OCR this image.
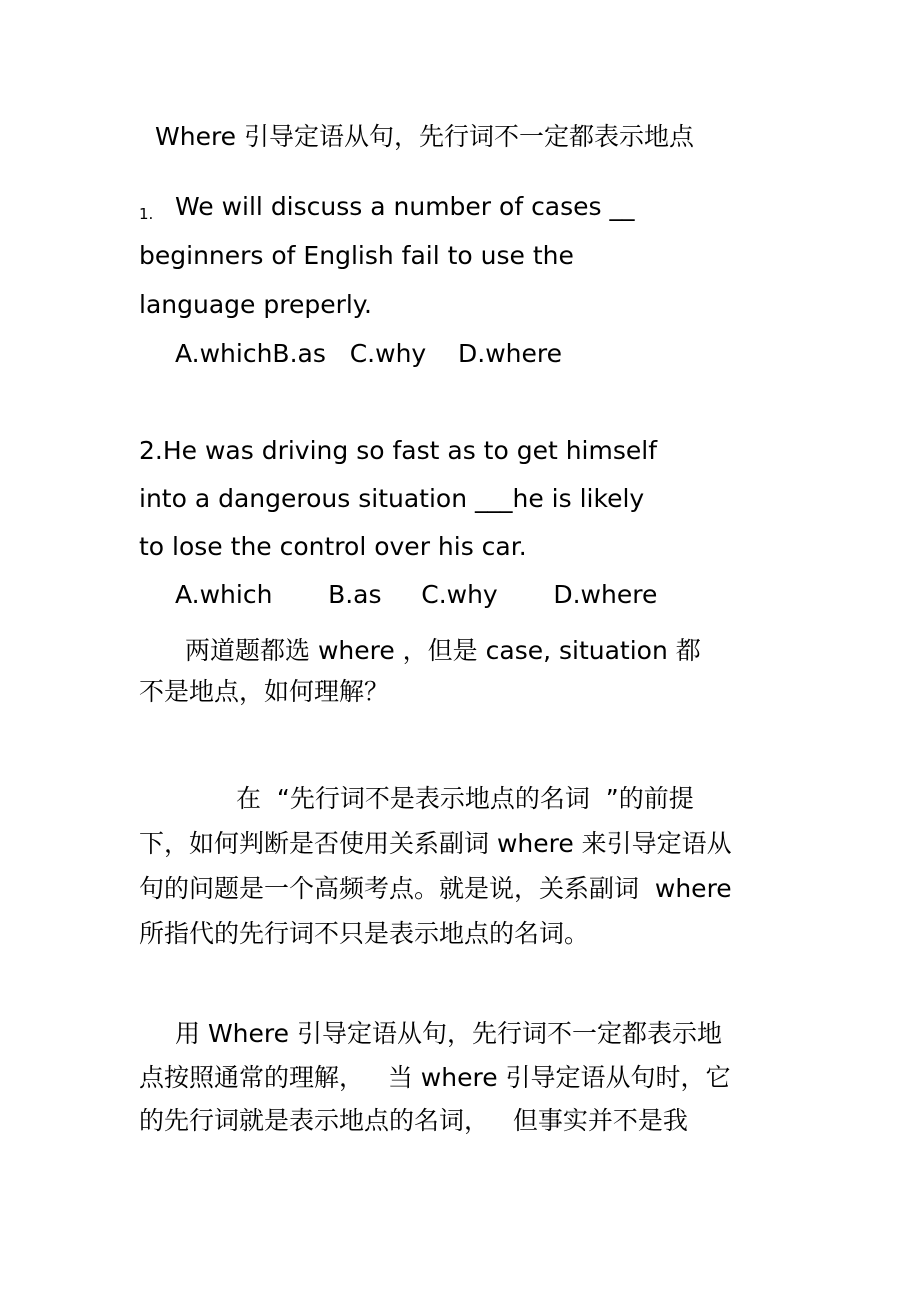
Where 引导定语从句，先行词不一定都表示地点
1. We will discuss a number of cases __
beginners of English fail to use the
language preperly.
A.whichB.as   C.why    D.where
2.He was driving so fast as to get himself
into a dangerous situation ___he is likely
to lose the control over his car.
A.which       B.as     C.why       D.where
两道题都选 where ，但是 case, situation 都
不是地点，如何理解？
在  “先行词不是表示地点的名词  ”的前提
下，如何判断是否使用关系副词 where 来引导定语从
句的问题是一个高频考点。就是说，关系副词  where
所指代的先行词不只是表示地点的名词。
用 Where 引导定语从句，先行词不一定都表示地
点按照通常的理解，   当 where 引导定语从句时，它
的先行词就是表示地点的名词，   但事实并不是我
